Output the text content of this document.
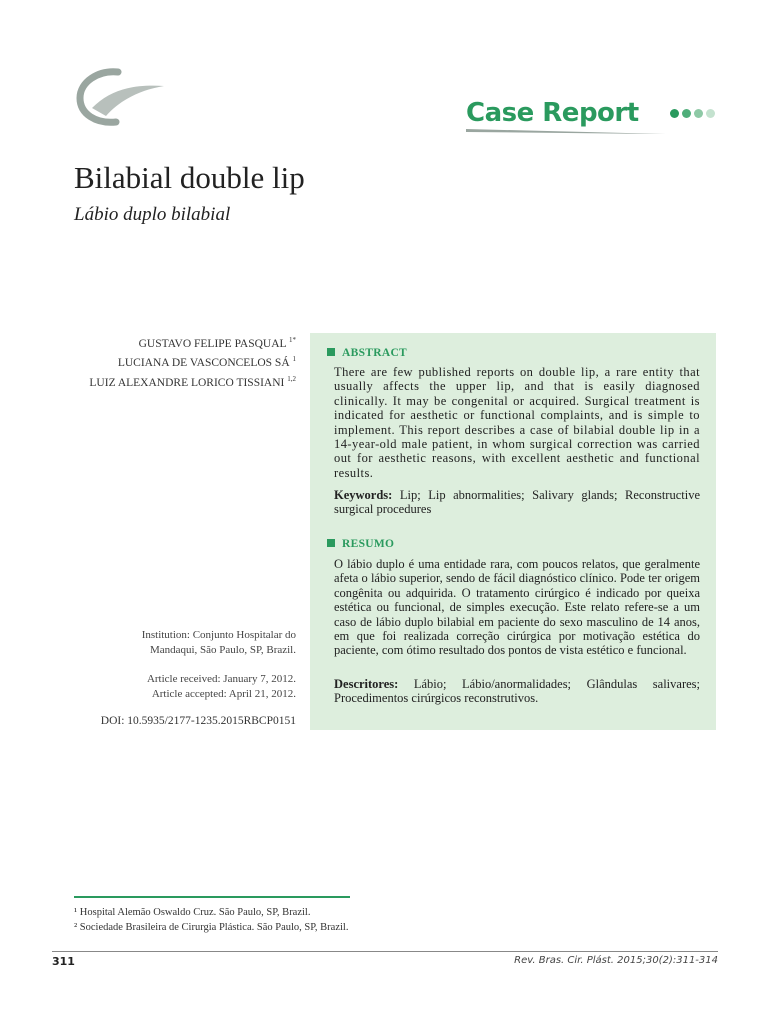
Case Report
Bilabial double lip
Lábio duplo bilabial
GUSTAVO FELIPE PASQUAL $^{1*}$
LUCIANA DE VASCONCELOS SÁ $^1$
LUIZ ALEXANDRE LORICO TISSIANI $^{1,2}$
Institution: Conjunto Hospitalar do
Mandaqui, São Paulo, SP, Brazil.
Article received: January 7, 2012.
Article accepted: April 21, 2012.
DOI: 10.5935/2177-1235.2015RBCP0151
ABSTRACT
There are few published reports on double lip, a rare entity that usually affects the upper lip, and that is easily diagnosed clinically. It may be congenital or acquired. Surgical treatment is indicated for aesthetic or functional complaints, and is simple to implement. This report describes a case of bilabial double lip in a 14-year-old male patient, in whom surgical correction was carried out for aesthetic reasons, with excellent aesthetic and functional results.
Keywords: Lip; Lip abnormalities; Salivary glands; Reconstructive surgical procedures
RESUMO
O lábio duplo é uma entidade rara, com poucos relatos, que geralmente afeta o lábio superior, sendo de fácil diagnóstico clínico. Pode ter origem congênita ou adquirida. O tratamento cirúrgico é indicado por queixa estética ou funcional, de simples execução. Este relato refere-se a um caso de lábio duplo bilabial em paciente do sexo masculino de 14 anos, em que foi realizada correção cirúrgica por motivação estética do paciente, com ótimo resultado dos pontos de vista estético e funcional.
Descritores: Lábio; Lábio/anormalidades; Glândulas salivares; Procedimentos cirúrgicos reconstrutivos.
¹ Hospital Alemão Oswaldo Cruz. São Paulo, SP, Brazil.
² Sociedade Brasileira de Cirurgia Plástica. São Paulo, SP, Brazil.
311	Rev. Bras. Cir. Plást. 2015;30(2):311-314
